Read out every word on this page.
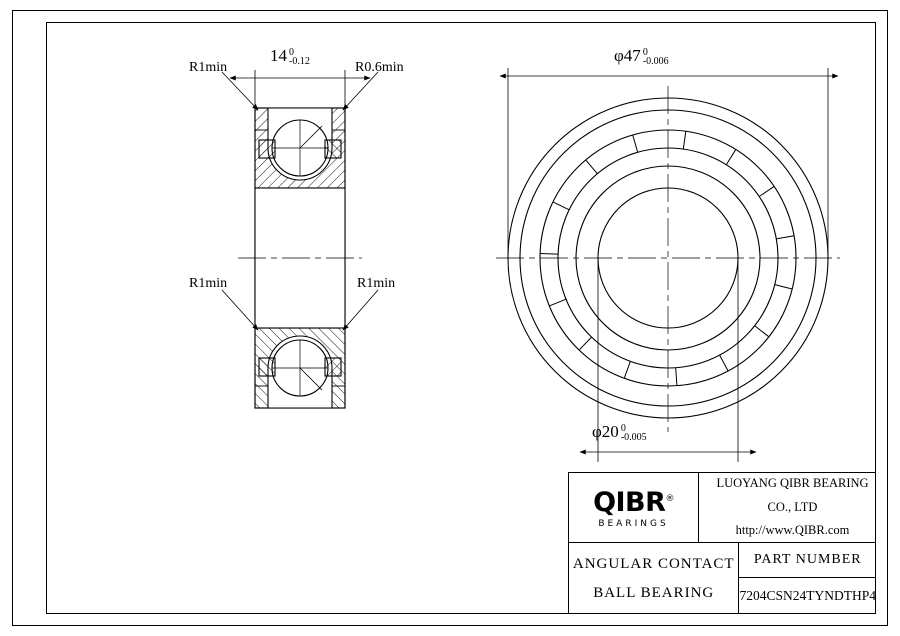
R1min	R0.6min
R1min	R1min
14 0
-0.12	φ47 0
-0.006
φ20 0
-0.005
QIBR®
BEARINGS
LUOYANG QIBR BEARING CO., LTD
http://www.QIBR.com
ANGULAR CONTACT
BALL BEARING
PART NUMBER
7204CSN24TYNDTHP4
